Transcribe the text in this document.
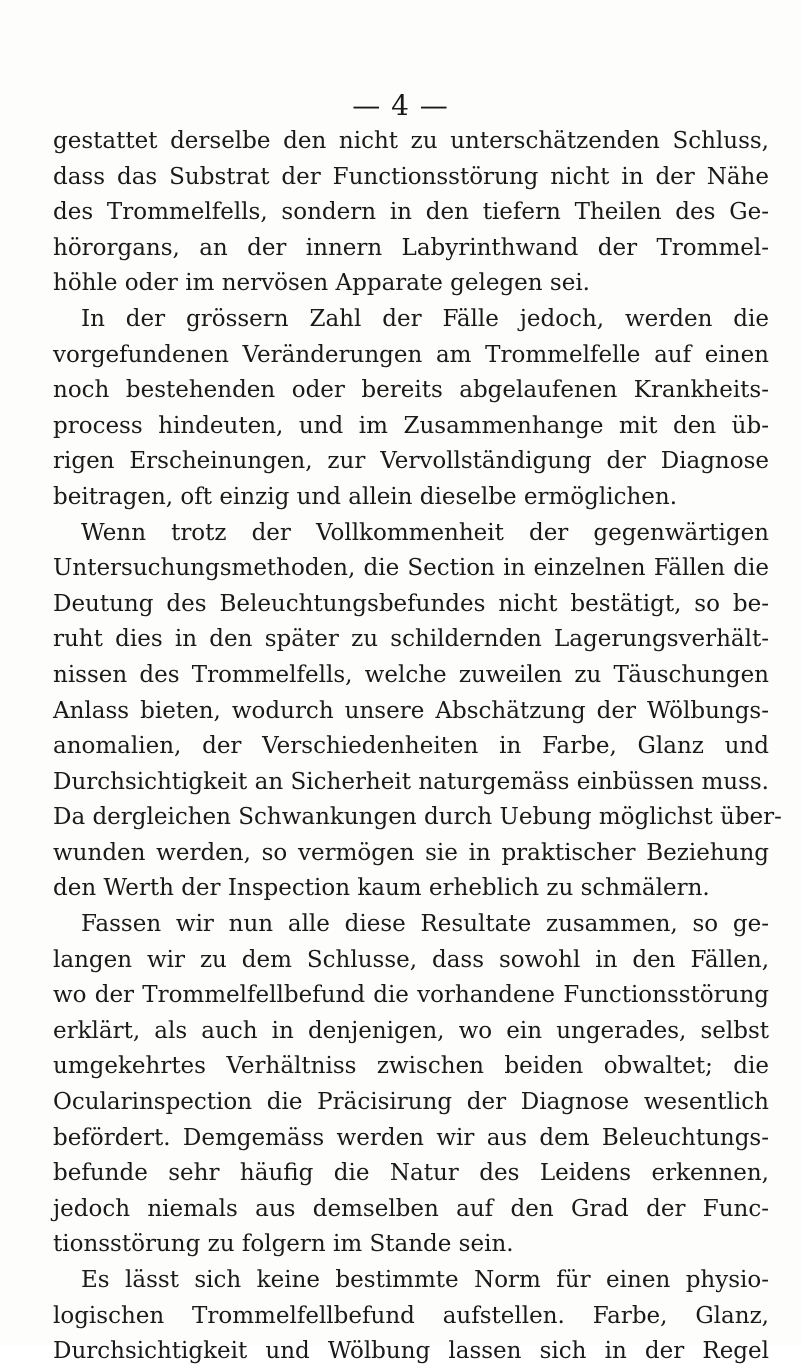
— 4 —
gestattet derselbe den nicht zu unterschätzenden Schluss,
dass das Substrat der Functionsstörung nicht in der Nähe
des Trommelfells, sondern in den tiefern Theilen des Ge-
hörorgans, an der innern Labyrinthwand der Trommel-
höhle oder im nervösen Apparate gelegen sei.
In der grössern Zahl der Fälle jedoch, werden die
vorgefundenen Veränderungen am Trommelfelle auf einen
noch bestehenden oder bereits abgelaufenen Krankheits-
process hindeuten, und im Zusammenhange mit den üb-
rigen Erscheinungen, zur Vervollständigung der Diagnose
beitragen, oft einzig und allein dieselbe ermöglichen.
Wenn trotz der Vollkommenheit der gegenwärtigen
Untersuchungsmethoden, die Section in einzelnen Fällen die
Deutung des Beleuchtungsbefundes nicht bestätigt, so be-
ruht dies in den später zu schildernden Lagerungsverhält-
nissen des Trommelfells, welche zuweilen zu Täuschungen
Anlass bieten, wodurch unsere Abschätzung der Wölbungs-
anomalien, der Verschiedenheiten in Farbe, Glanz und
Durchsichtigkeit an Sicherheit naturgemäss einbüssen muss.
Da dergleichen Schwankungen durch Uebung möglichst über-
wunden werden, so vermögen sie in praktischer Beziehung
den Werth der Inspection kaum erheblich zu schmälern.
Fassen wir nun alle diese Resultate zusammen, so ge-
langen wir zu dem Schlusse, dass sowohl in den Fällen,
wo der Trommelfellbefund die vorhandene Functionsstörung
erklärt, als auch in denjenigen, wo ein ungerades, selbst
umgekehrtes Verhältniss zwischen beiden obwaltet; die
Ocularinspection die Präcisirung der Diagnose wesentlich
befördert. Demgemäss werden wir aus dem Beleuchtungs-
befunde sehr häufig die Natur des Leidens erkennen,
jedoch niemals aus demselben auf den Grad der Func-
tionsstörung zu folgern im Stande sein.
Es lässt sich keine bestimmte Norm für einen physio-
logischen Trommelfellbefund aufstellen. Farbe, Glanz,
Durchsichtigkeit und Wölbung lassen sich in der Regel
